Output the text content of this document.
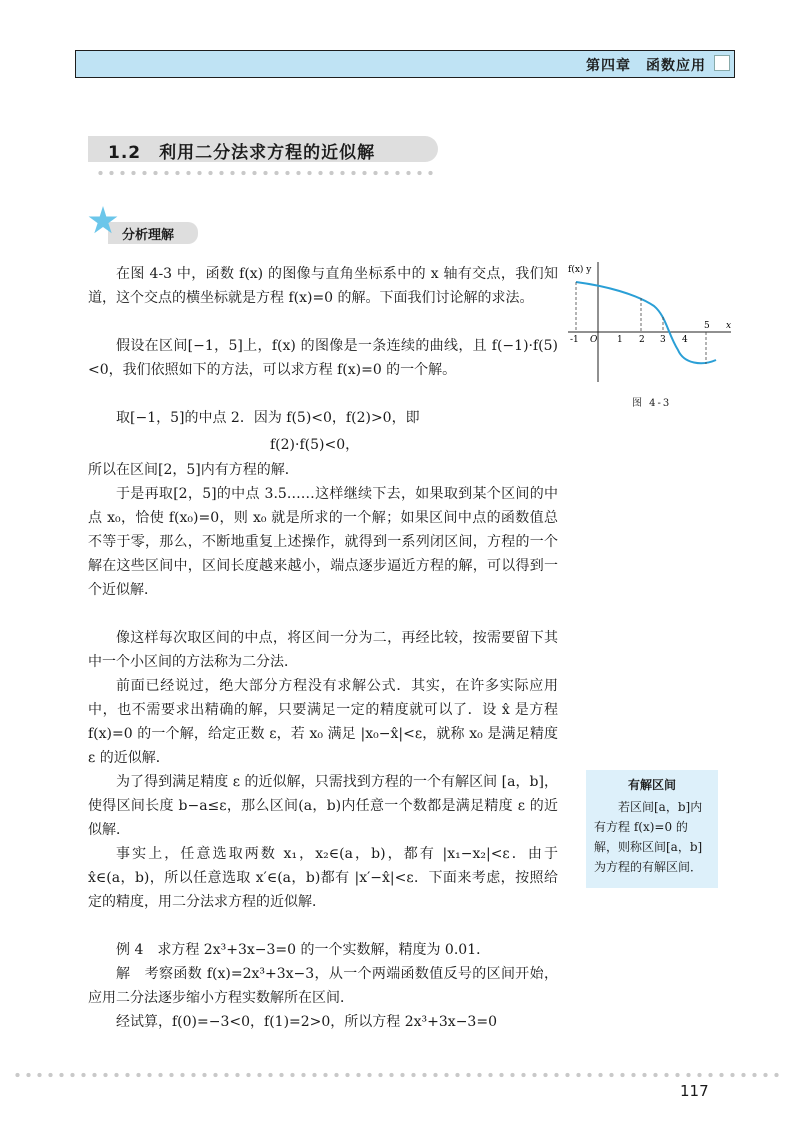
第四章　函数应用
1.2　利用二分法求方程的近似解
分析理解

在图 4-3 中，函数 f(x) 的图像与直角坐标系中的 x 轴有交点，我们知道，这个交点的横坐标就是方程 f(x)=0 的解。下面我们讨论解的求法。

假设在区间[−1，5]上，f(x) 的图像是一条连续的曲线，且 f(−1)·f(5)<0，我们依照如下的方法，可以求方程 f(x)=0 的一个解。

取[−1，5]的中点 2．因为 f(5)<0，f(2)>0，即

f(2)·f(5)<0，

所以在区间[2，5]内有方程的解．

于是再取[2，5]的中点 3.5……这样继续下去，如果取到某个区间的中点 x₀，恰使 f(x₀)=0，则 x₀ 就是所求的一个解；如果区间中点的函数值总不等于零，那么，不断地重复上述操作，就得到一系列闭区间，方程的一个解在这些区间中，区间长度越来越小，端点逐步逼近方程的解，可以得到一个近似解．

像这样每次取区间的中点，将区间一分为二，再经比较，按需要留下其中一个小区间的方法称为二分法．

前面已经说过，绝大部分方程没有求解公式．其实，在许多实际应用中，也不需要求出精确的解，只要满足一定的精度就可以了．设 x̂ 是方程 f(x)=0 的一个解，给定正数 ε，若 x₀ 满足 |x₀−x̂|<ε，就称 x₀ 是满足精度 ε 的近似解．

为了得到满足精度 ε 的近似解，只需找到方程的一个有解区间 [a，b]，使得区间长度 b−a≤ε，那么区间(a，b)内任意一个数都是满足精度 ε 的近似解．

事实上，任意选取两数 x₁，x₂∈(a，b)，都有 |x₁−x₂|<ε．由于 x̂∈(a，b)，所以任意选取 x′∈(a，b)都有 |x′−x̂|<ε．下面来考虑，按照给定的精度，用二分法求方程的近似解．

例 4　求方程 2x³+3x−3=0 的一个实数解，精度为 0.01．

解　考察函数 f(x)=2x³+3x−3，从一个两端函数值反号的区间开始，应用二分法逐步缩小方程实数解所在区间．

经试算，f(0)=−3<0，f(1)=2>0，所以方程 2x³+3x−3=0

f(x) y
x
O
-1	1 2 3 4
5
图 4-3

有解区间

若区间[a，b]内有方程 f(x)=0 的解，则称区间[a，b]为方程的有解区间．

117
